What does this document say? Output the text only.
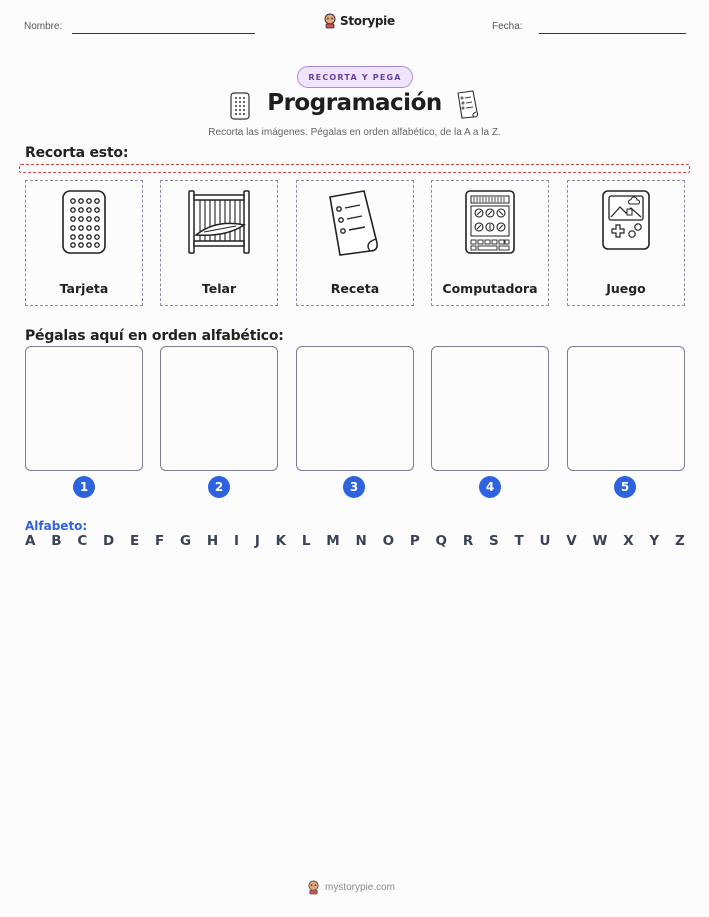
Nombre:	Storypie	Fecha:
RECORTA Y PEGA
Programación
Recorta las imágenes. Pégalas en orden alfabético, de la A a la Z.
Recorta esto:
Tarjeta	Telar	Receta	Computadora	Juego
Pégalas aquí en orden alfabético:
1	2	3	4	5
Alfabeto:
A B C D E F G H I J K L M N O P Q R S T U V W X Y Z
mystorypie.com
